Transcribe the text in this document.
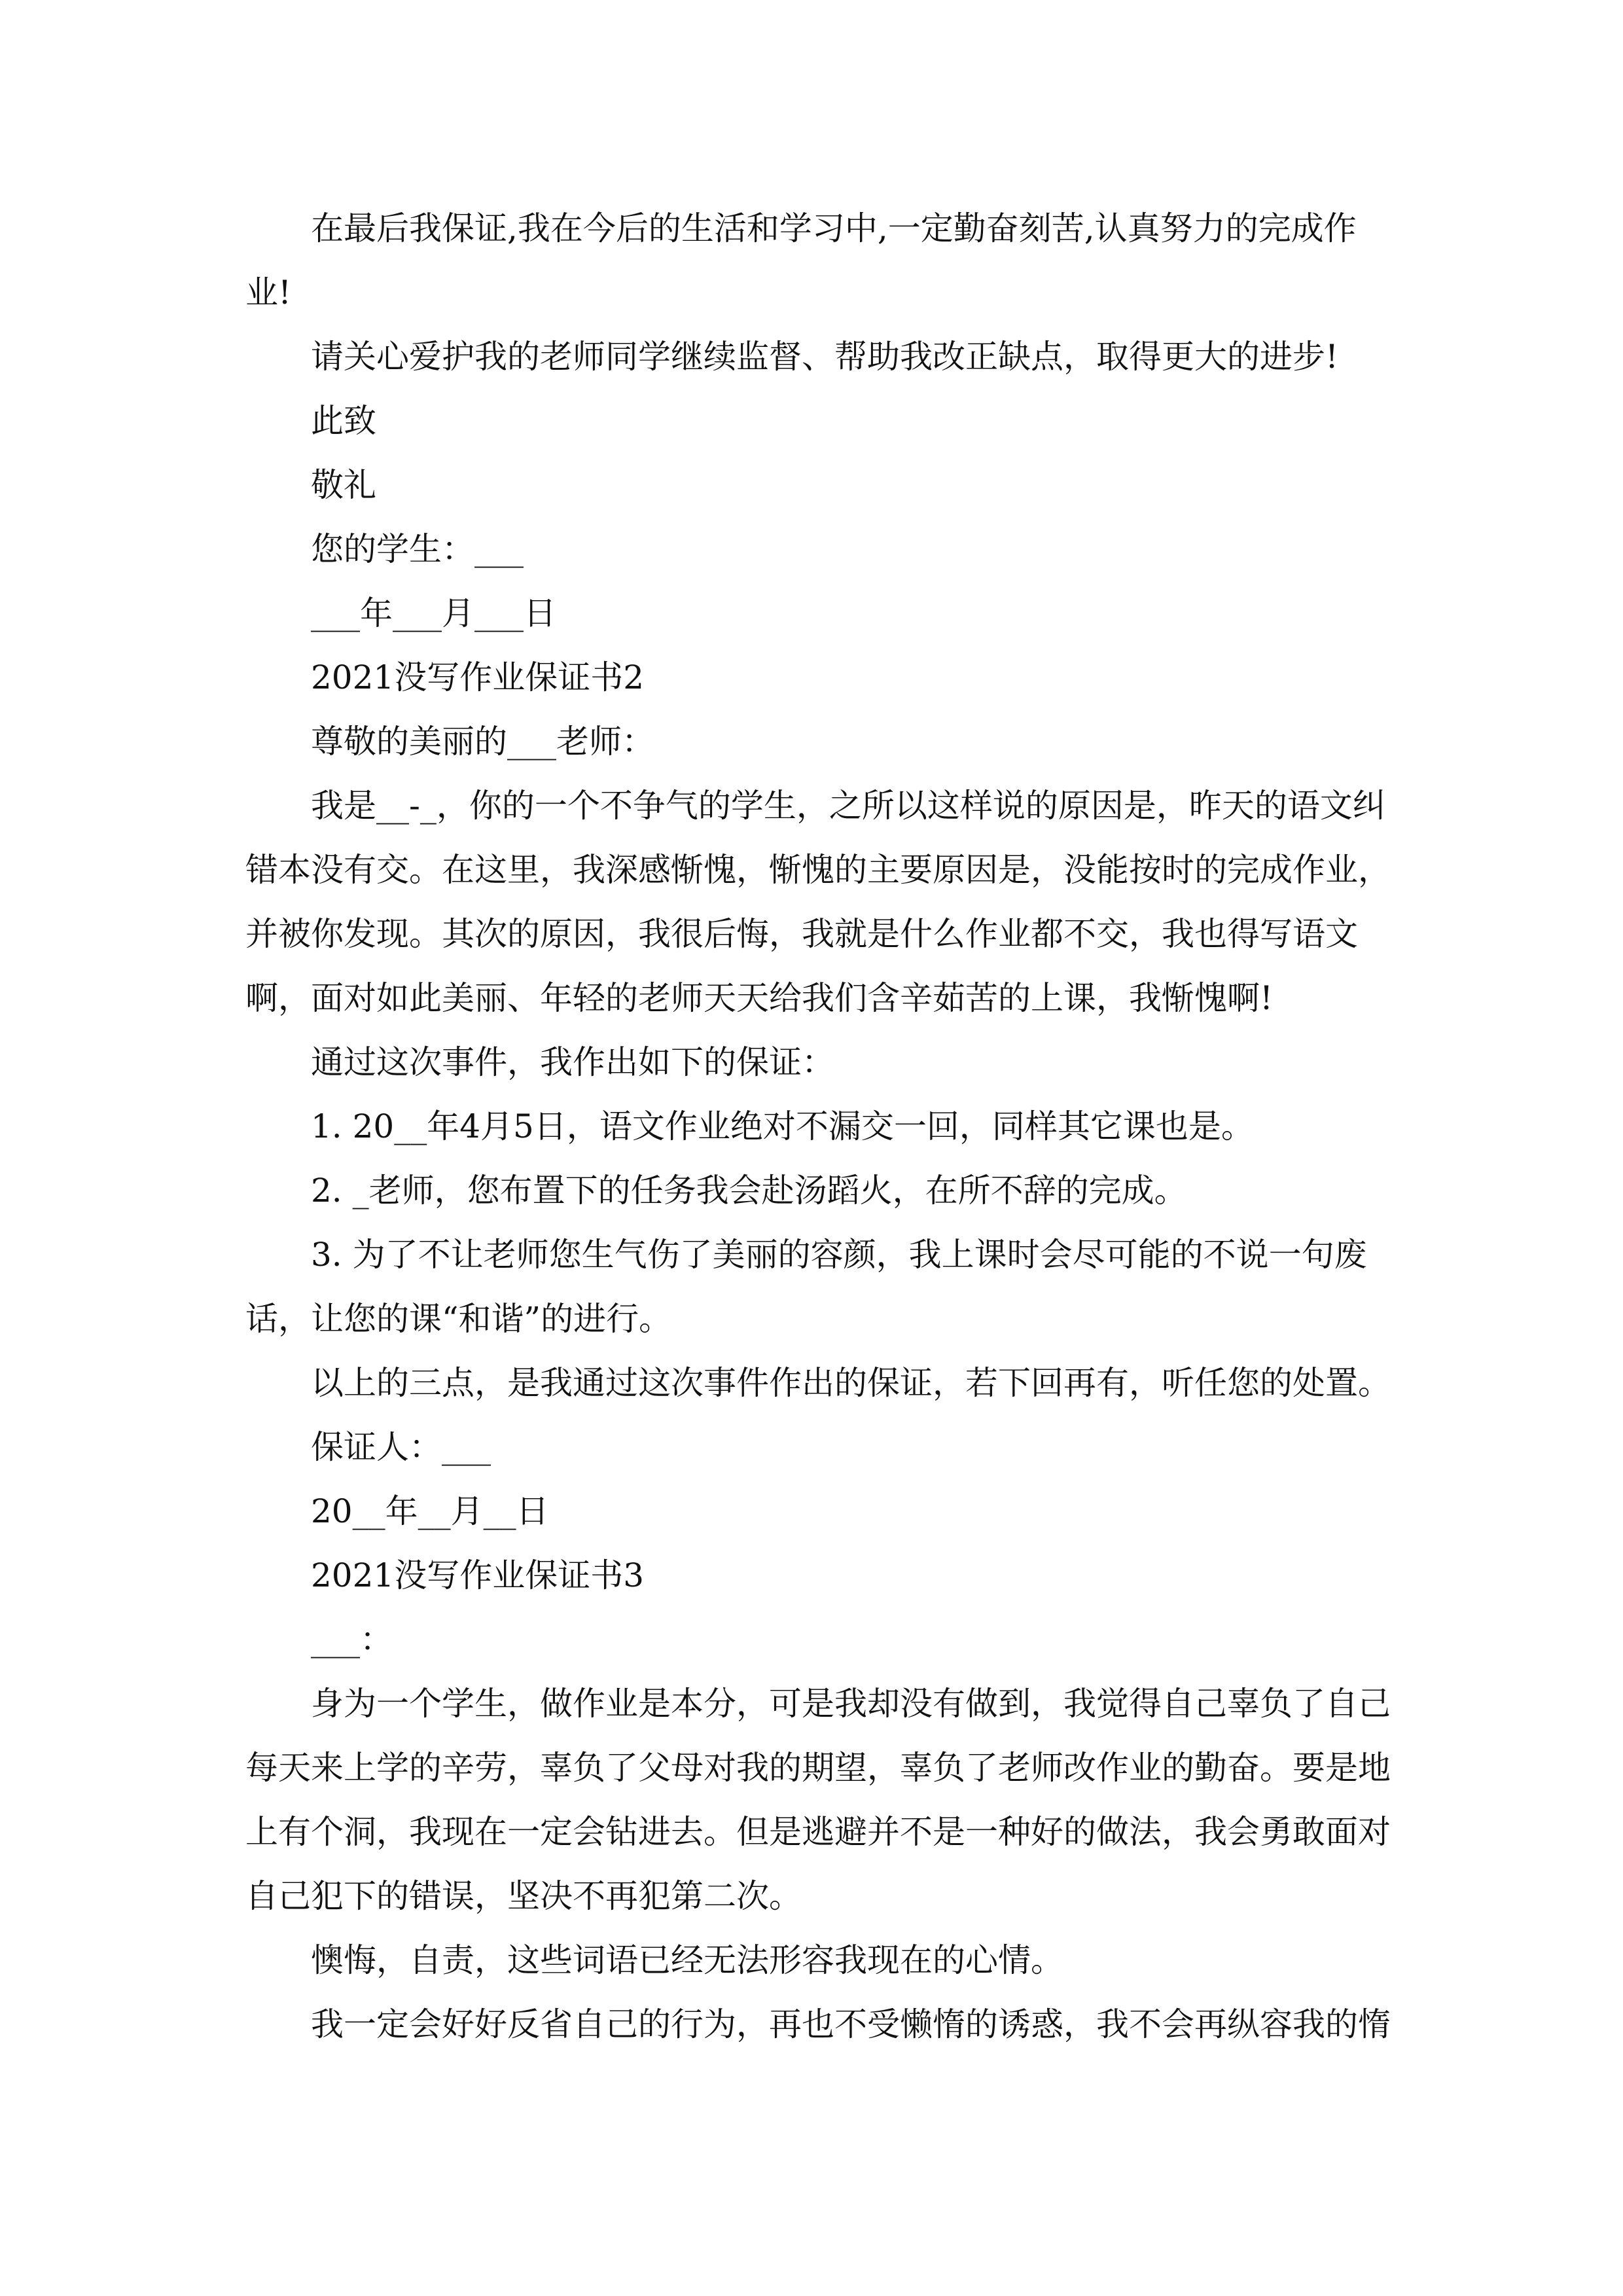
在最后我保证,我在今后的生活和学习中,一定勤奋刻苦,认真努力的完成作业!

请关心爱护我的老师同学继续监督、帮助我改正缺点，取得更大的进步!

此致

敬礼

您的学生：___

___年___月___日

2021没写作业保证书2

尊敬的美丽的___老师：

我是__-_，你的一个不争气的学生，之所以这样说的原因是，昨天的语文纠错本没有交。在这里，我深感惭愧，惭愧的主要原因是，没能按时的完成作业，并被你发现。其次的原因，我很后悔，我就是什么作业都不交，我也得写语文啊，面对如此美丽、年轻的老师天天给我们含辛茹苦的上课，我惭愧啊!

通过这次事件，我作出如下的保证：

1. 20__年4月5日，语文作业绝对不漏交一回，同样其它课也是。

2. _老师，您布置下的任务我会赴汤蹈火，在所不辞的完成。

3. 为了不让老师您生气伤了美丽的容颜，我上课时会尽可能的不说一句废话，让您的课“和谐”的进行。

以上的三点，是我通过这次事件作出的保证，若下回再有，听任您的处置。

保证人：___

20__年__月__日

2021没写作业保证书3

___：

身为一个学生，做作业是本分，可是我却没有做到，我觉得自己辜负了自己每天来上学的辛劳，辜负了父母对我的期望，辜负了老师改作业的勤奋。要是地上有个洞，我现在一定会钻进去。但是逃避并不是一种好的做法，我会勇敢面对自己犯下的错误，坚决不再犯第二次。

懊悔，自责，这些词语已经无法形容我现在的心情。

我一定会好好反省自己的行为，再也不受懒惰的诱惑，我不会再纵容我的惰
